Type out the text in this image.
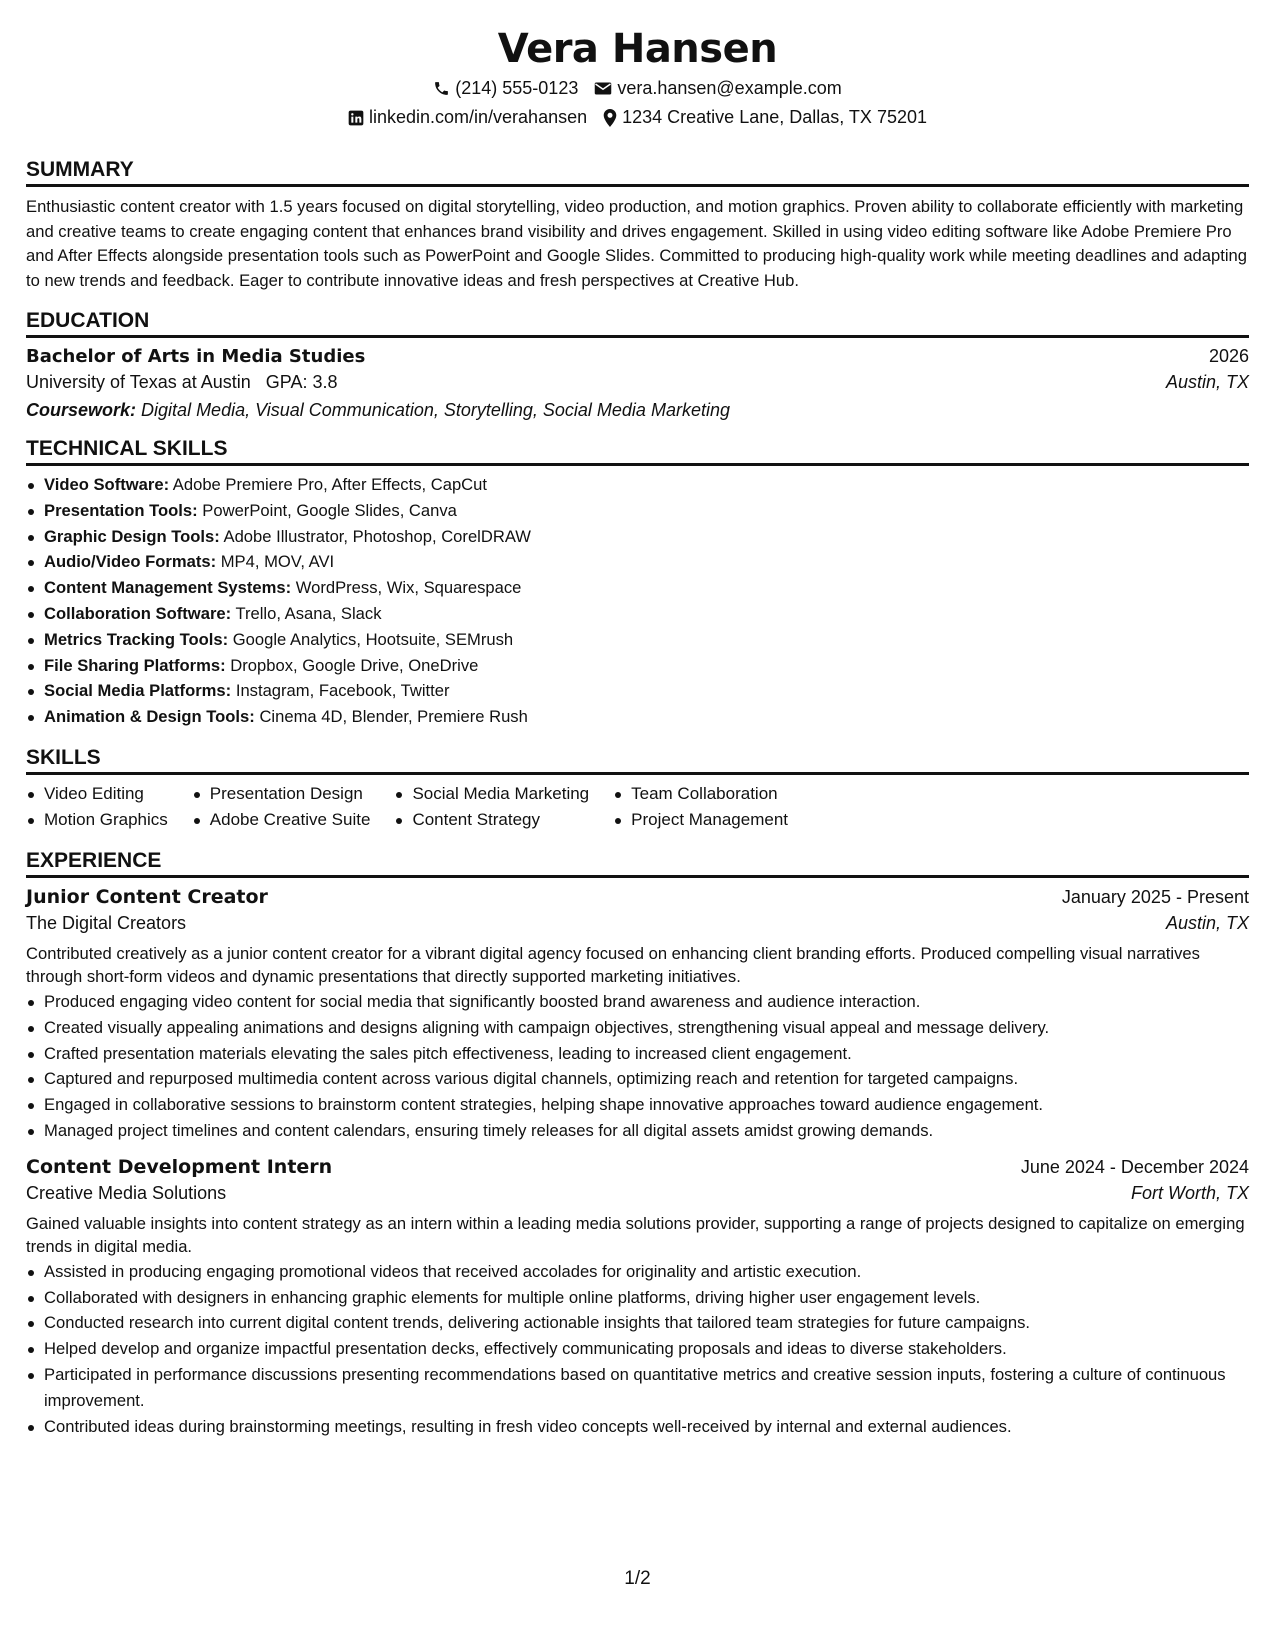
Vera Hansen
(214) 555-0123 vera.hansen@example.com
linkedin.com/in/verahansen 1234 Creative Lane, Dallas, TX 75201
SUMMARY
Enthusiastic content creator with 1.5 years focused on digital storytelling, video production, and motion graphics. Proven ability to collaborate efficiently with marketing and creative teams to create engaging content that enhances brand visibility and drives engagement. Skilled in using video editing software like Adobe Premiere Pro and After Effects alongside presentation tools such as PowerPoint and Google Slides. Committed to producing high-quality work while meeting deadlines and adapting to new trends and feedback. Eager to contribute innovative ideas and fresh perspectives at Creative Hub.
EDUCATION
Bachelor of Arts in Media Studies	2026
University of Texas at Austin GPA: 3.8	Austin, TX
Coursework: Digital Media, Visual Communication, Storytelling, Social Media Marketing
TECHNICAL SKILLS
Video Software: Adobe Premiere Pro, After Effects, CapCut
Presentation Tools: PowerPoint, Google Slides, Canva
Graphic Design Tools: Adobe Illustrator, Photoshop, CorelDRAW
Audio/Video Formats: MP4, MOV, AVI
Content Management Systems: WordPress, Wix, Squarespace
Collaboration Software: Trello, Asana, Slack
Metrics Tracking Tools: Google Analytics, Hootsuite, SEMrush
File Sharing Platforms: Dropbox, Google Drive, OneDrive
Social Media Platforms: Instagram, Facebook, Twitter
Animation & Design Tools: Cinema 4D, Blender, Premiere Rush
SKILLS
Video Editing
Motion Graphics
Presentation Design
Adobe Creative Suite
Social Media Marketing
Content Strategy
Team Collaboration
Project Management
EXPERIENCE
Junior Content Creator	January 2025 - Present
The Digital Creators	Austin, TX
Contributed creatively as a junior content creator for a vibrant digital agency focused on enhancing client branding efforts. Produced compelling visual narratives through short-form videos and dynamic presentations that directly supported marketing initiatives.
Produced engaging video content for social media that significantly boosted brand awareness and audience interaction.
Created visually appealing animations and designs aligning with campaign objectives, strengthening visual appeal and message delivery.
Crafted presentation materials elevating the sales pitch effectiveness, leading to increased client engagement.
Captured and repurposed multimedia content across various digital channels, optimizing reach and retention for targeted campaigns.
Engaged in collaborative sessions to brainstorm content strategies, helping shape innovative approaches toward audience engagement.
Managed project timelines and content calendars, ensuring timely releases for all digital assets amidst growing demands.
Content Development Intern	June 2024 - December 2024
Creative Media Solutions	Fort Worth, TX
Gained valuable insights into content strategy as an intern within a leading media solutions provider, supporting a range of projects designed to capitalize on emerging trends in digital media.
Assisted in producing engaging promotional videos that received accolades for originality and artistic execution.
Collaborated with designers in enhancing graphic elements for multiple online platforms, driving higher user engagement levels.
Conducted research into current digital content trends, delivering actionable insights that tailored team strategies for future campaigns.
Helped develop and organize impactful presentation decks, effectively communicating proposals and ideas to diverse stakeholders.
Participated in performance discussions presenting recommendations based on quantitative metrics and creative session inputs, fostering a culture of continuous improvement.
Contributed ideas during brainstorming meetings, resulting in fresh video concepts well-received by internal and external audiences.
1/2
